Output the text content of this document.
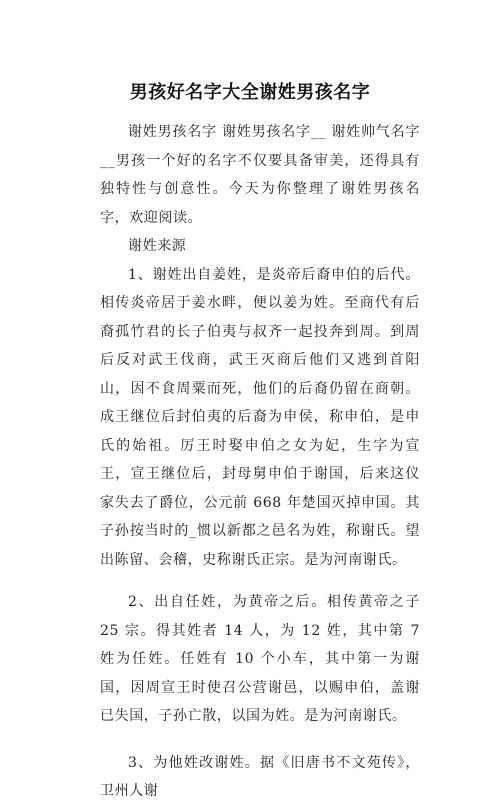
男孩好名字大全谢姓男孩名字

谢姓男孩名字 谢姓男孩名字__ 谢姓帅气名字__男孩一个好的名字不仅要具备审美，还得具有独特性与创意性。今天为你整理了谢姓男孩名字，欢迎阅读。

谢姓来源

1、谢姓出自姜姓，是炎帝后裔申伯的后代。相传炎帝居于姜水畔，便以姜为姓。至商代有后裔孤竹君的长子伯夷与叔齐一起投奔到周。到周后反对武王伐商，武王灭商后他们又逃到首阳山，因不食周粟而死，他们的后裔仍留在商朝。成王继位后封伯夷的后裔为申侯，称申伯，是申氏的始祖。厉王时娶申伯之女为妃，生字为宣王，宣王继位后，封母舅申伯于谢国，后来这仪家失去了爵位，公元前 668 年楚国灭掉申国。其子孙按当时的_惯以新都之邑名为姓，称谢氏。望出陈留、会稽，史称谢氏正宗。是为河南谢氏。

2、出自任姓，为黄帝之后。相传黄帝之子 25 宗。得其姓者 14 人，为 12 姓，其中第 7 姓为任姓。任姓有 10 个小车，其中第一为谢国，因周宣王时使召公营谢邑，以赐申伯，盖谢已失国，子孙亡散，以国为姓。是为河南谢氏。

3、为他姓改谢姓。据《旧唐书不文苑传》，卫州人谢
